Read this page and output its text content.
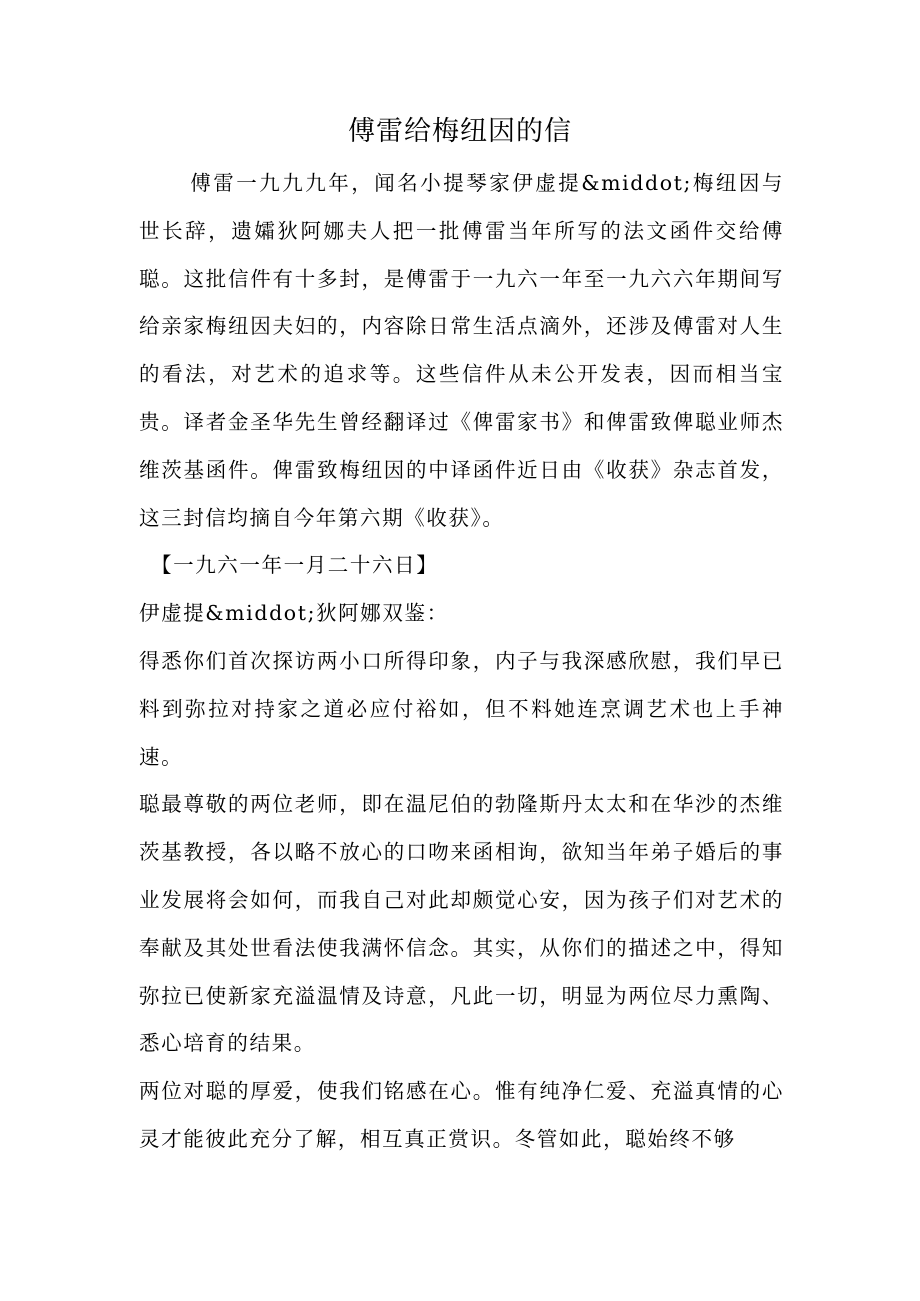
傅雷给梅纽因的信

傅雷一九九九年，闻名小提琴家伊虚提&middot;梅纽因与世长辞，遗孀狄阿娜夫人把一批傅雷当年所写的法文函件交给傅聪。这批信件有十多封，是傅雷于一九六一年至一九六六年期间写给亲家梅纽因夫妇的，内容除日常生活点滴外，还涉及傅雷对人生的看法，对艺术的追求等。这些信件从未公开发表，因而相当宝贵。译者金圣华先生曾经翻译过《俾雷家书》和俾雷致俾聪业师杰维茨基函件。俾雷致梅纽因的中译函件近日由《收获》杂志首发，这三封信均摘自今年第六期《收获》。

【一九六一年一月二十六日】

伊虚提&middot;狄阿娜双鉴：

得悉你们首次探访两小口所得印象，内子与我深感欣慰，我们早已料到弥拉对持家之道必应付裕如，但不料她连烹调艺术也上手神速。

聪最尊敬的两位老师，即在温尼伯的勃隆斯丹太太和在华沙的杰维茨基教授，各以略不放心的口吻来函相询，欲知当年弟子婚后的事业发展将会如何，而我自己对此却颇觉心安，因为孩子们对艺术的奉献及其处世看法使我满怀信念。其实，从你们的描述之中，得知弥拉已使新家充溢温情及诗意，凡此一切，明显为两位尽力熏陶、悉心培育的结果。

两位对聪的厚爱，使我们铭感在心。惟有纯净仁爱、充溢真情的心灵才能彼此充分了解，相互真正赏识。冬管如此，聪始终不够
